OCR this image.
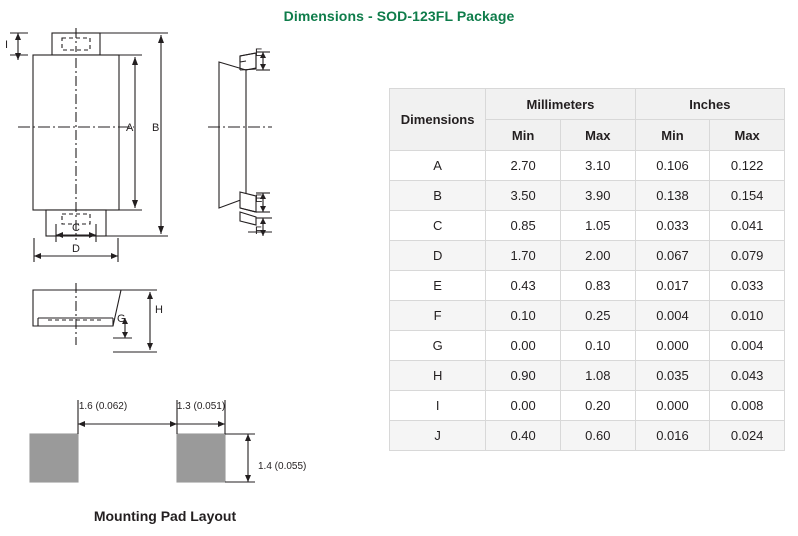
Dimensions - SOD-123FL Package
I
A B
C
D
E
E
F
G
H
1.6 (0.062)	1.3 (0.051)
1.4 (0.055)
Mounting Pad Layout
Dimensions	Millimeters		Inches	
	Min	Max	Min	Max
A	2.70	3.10	0.106	0.122
B	3.50	3.90	0.138	0.154
C	0.85	1.05	0.033	0.041
D	1.70	2.00	0.067	0.079
E	0.43	0.83	0.017	0.033
F	0.10	0.25	0.004	0.010
G	0.00	0.10	0.000	0.004
H	0.90	1.08	0.035	0.043
I	0.00	0.20	0.000	0.008
J	0.40	0.60	0.016	0.024
